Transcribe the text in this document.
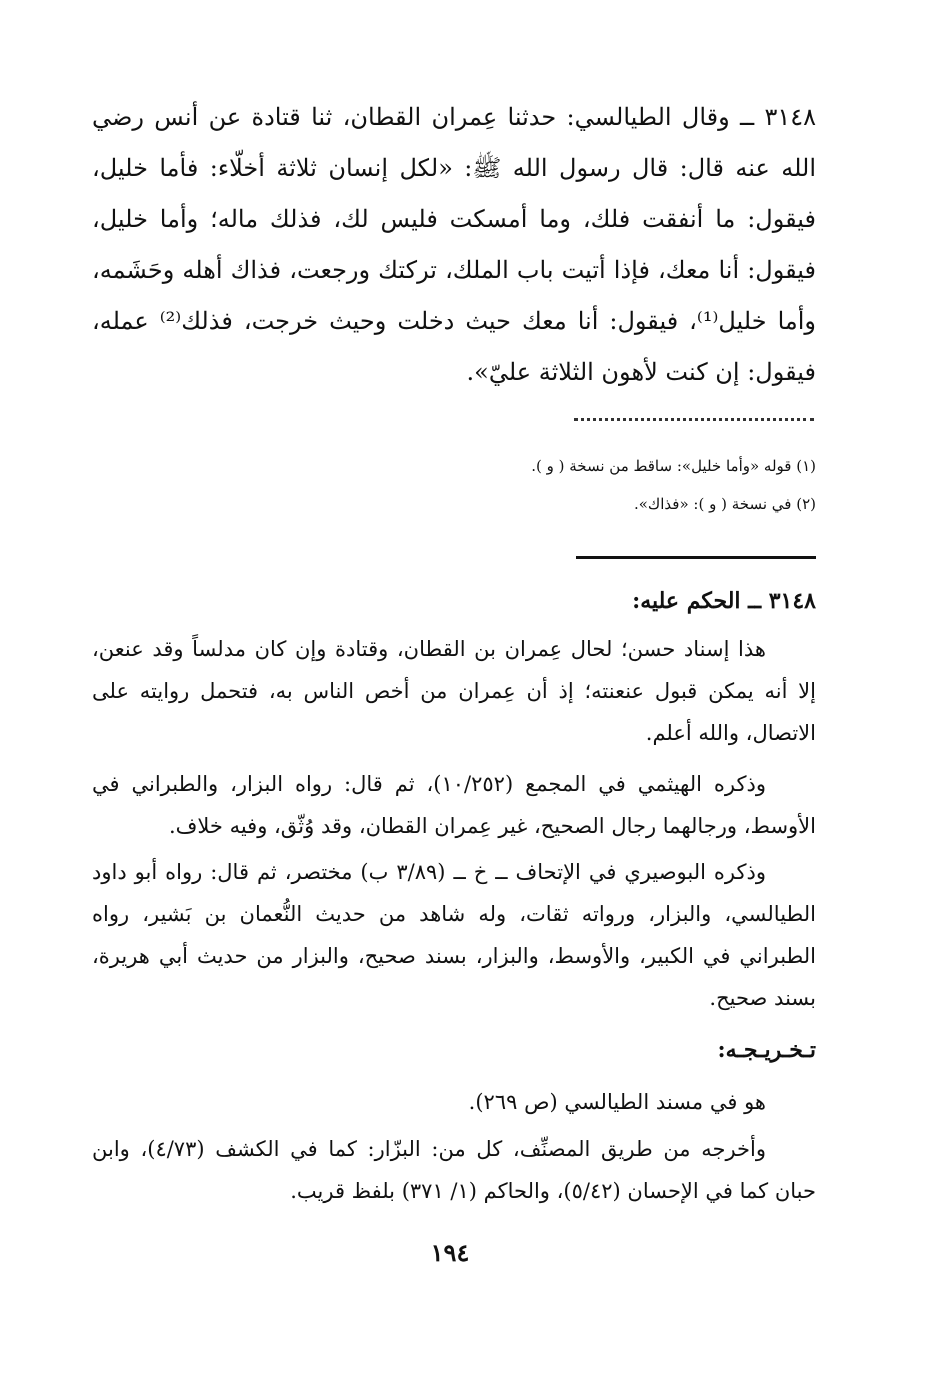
٣١٤٨ ــ وقال الطيالسي: حدثنا عِمران القطان، ثنا قتادة عن أنس رضي الله عنه قال: قال رسول الله ﷺ: «لكل إنسان ثلاثة أخلّاء: فأما خليل، فيقول: ما أنفقت فلك، وما أمسكت فليس لك، فذلك ماله؛ وأما خليل، فيقول: أنا معك، فإذا أتيت باب الملك، تركتك ورجعت، فذاك أهله وحَشَمه، وأما خليل⁽¹⁾، فيقول: أنا معك حيث دخلت وحيث خرجت، فذلك⁽²⁾ عمله، فيقول: إن كنت لأهون الثلاثة عليّ».
(١) قوله «وأما خليل»: ساقط من نسخة ( و ).
(٢) في نسخة ( و ): «فذاك».
٣١٤٨ ــ الحكم عليه:
هذا إسناد حسن؛ لحال عِمران بن القطان، وقتادة وإن كان مدلساً وقد عنعن، إلا أنه يمكن قبول عنعنته؛ إذ أن عِمران من أخص الناس به، فتحمل روايته على الاتصال، والله أعلم.
وذكره الهيثمي في المجمع (١٠/٢٥٢)، ثم قال: رواه البزار، والطبراني في الأوسط، ورجالهما رجال الصحيح، غير عِمران القطان، وقد وُثّق، وفيه خلاف.
وذكره البوصيري في الإتحاف ــ خ ــ (٣/٨٩ ب) مختصر، ثم قال: رواه أبو داود الطيالسي، والبزار، ورواته ثقات، وله شاهد من حديث النُّعمان بن بَشير، رواه الطبراني في الكبير، والأوسط، والبزار، بسند صحيح، والبزار من حديث أبي هريرة، بسند صحيح.
تـخـريـجـه:
هو في مسند الطيالسي (ص ٢٦٩).
وأخرجه من طريق المصنِّف، كل من: البزّار: كما في الكشف (٤/٧٣)، وابن حبان كما في الإحسان (٥/٤٢)، والحاكم (١/ ٣٧١) بلفظ قريب.
١٩٤
